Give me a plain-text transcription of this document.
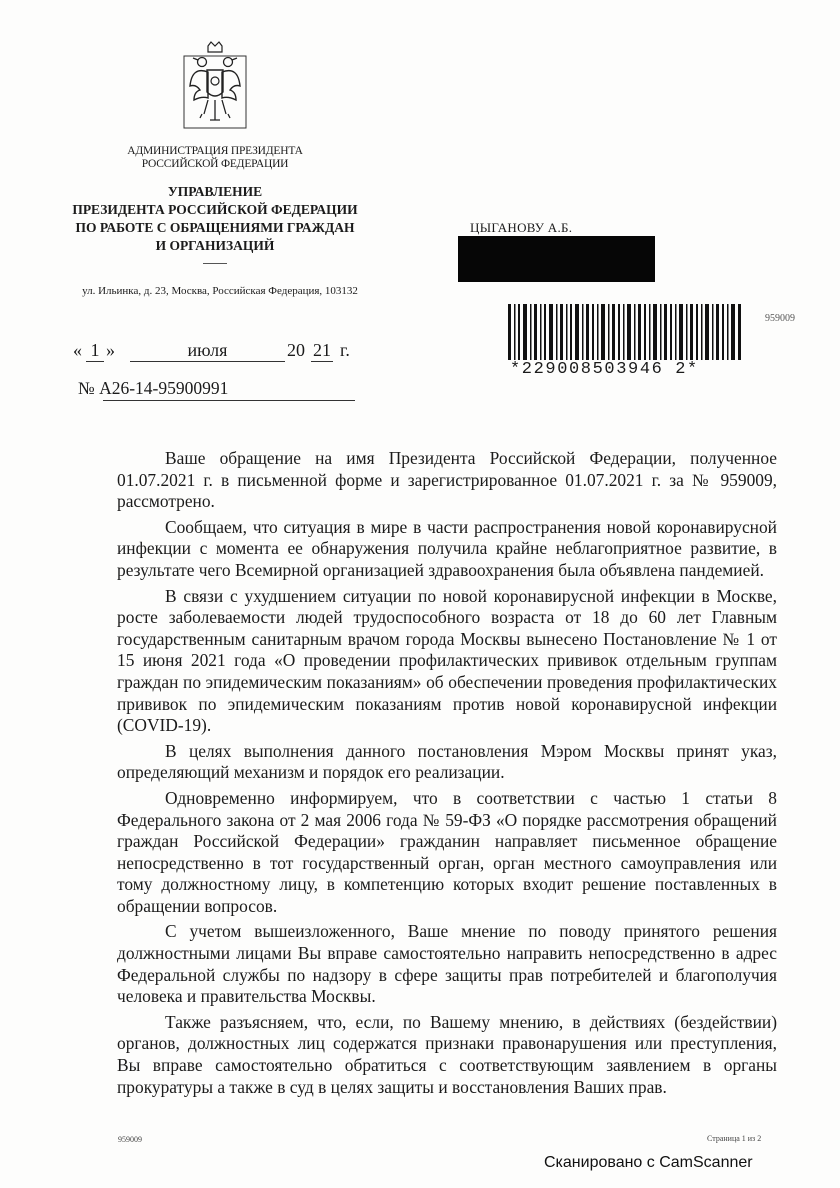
АДМИНИСТРАЦИЯ ПРЕЗИДЕНТА
РОССИЙСКОЙ ФЕДЕРАЦИИ
УПРАВЛЕНИЕ
ПРЕЗИДЕНТА РОССИЙСКОЙ ФЕДЕРАЦИИ
ПО РАБОТЕ С ОБРАЩЕНИЯМИ ГРАЖДАН
И ОРГАНИЗАЦИЙ
ул. Ильинка, д. 23, Москва, Российская Федерация, 103132
ЦЫГАНОВУ А.Б.
*229008503946 2*
959009
« 1 »	июля	20 21 г.
№ А26-14-95900991

Ваше обращение на имя Президента Российской Федерации, полученное 01.07.2021 г. в письменной форме и зарегистрированное 01.07.2021 г. за № 959009, рассмотрено.

Сообщаем, что ситуация в мире в части распространения новой коронавирусной инфекции с момента ее обнаружения получила крайне неблагоприятное развитие, в результате чего Всемирной организацией здравоохранения была объявлена пандемией.

В связи с ухудшением ситуации по новой коронавирусной инфекции в Москве, росте заболеваемости людей трудоспособного возраста от 18 до 60 лет Главным государственным санитарным врачом города Москвы вынесено Постановление № 1 от 15 июня 2021 года «О проведении профилактических прививок отдельным группам граждан по эпидемическим показаниям» об обеспечении проведения профилактических прививок по эпидемическим показаниям против новой коронавирусной инфекции (COVID-19).

В целях выполнения данного постановления Мэром Москвы принят указ, определяющий механизм и порядок его реализации.

Одновременно информируем, что в соответствии с частью 1 статьи 8 Федерального закона от 2 мая 2006 года № 59-ФЗ «О порядке рассмотрения обращений граждан Российской Федерации» гражданин направляет письменное обращение непосредственно в тот государственный орган, орган местного самоуправления или тому должностному лицу, в компетенцию которых входит решение поставленных в обращении вопросов.

С учетом вышеизложенного, Ваше мнение по поводу принятого решения должностными лицами Вы вправе самостоятельно направить непосредственно в адрес Федеральной службы по надзору в сфере защиты прав потребителей и благополучия человека и правительства Москвы.

Также разъясняем, что, если, по Вашему мнению, в действиях (бездействии) органов, должностных лиц содержатся признаки правонарушения или преступления, Вы вправе самостоятельно обратиться с соответствующим заявлением в органы прокуратуры а также в суд в целях защиты и восстановления Ваших прав.

959009	Страница 1 из 2
Сканировано с CamScanner
